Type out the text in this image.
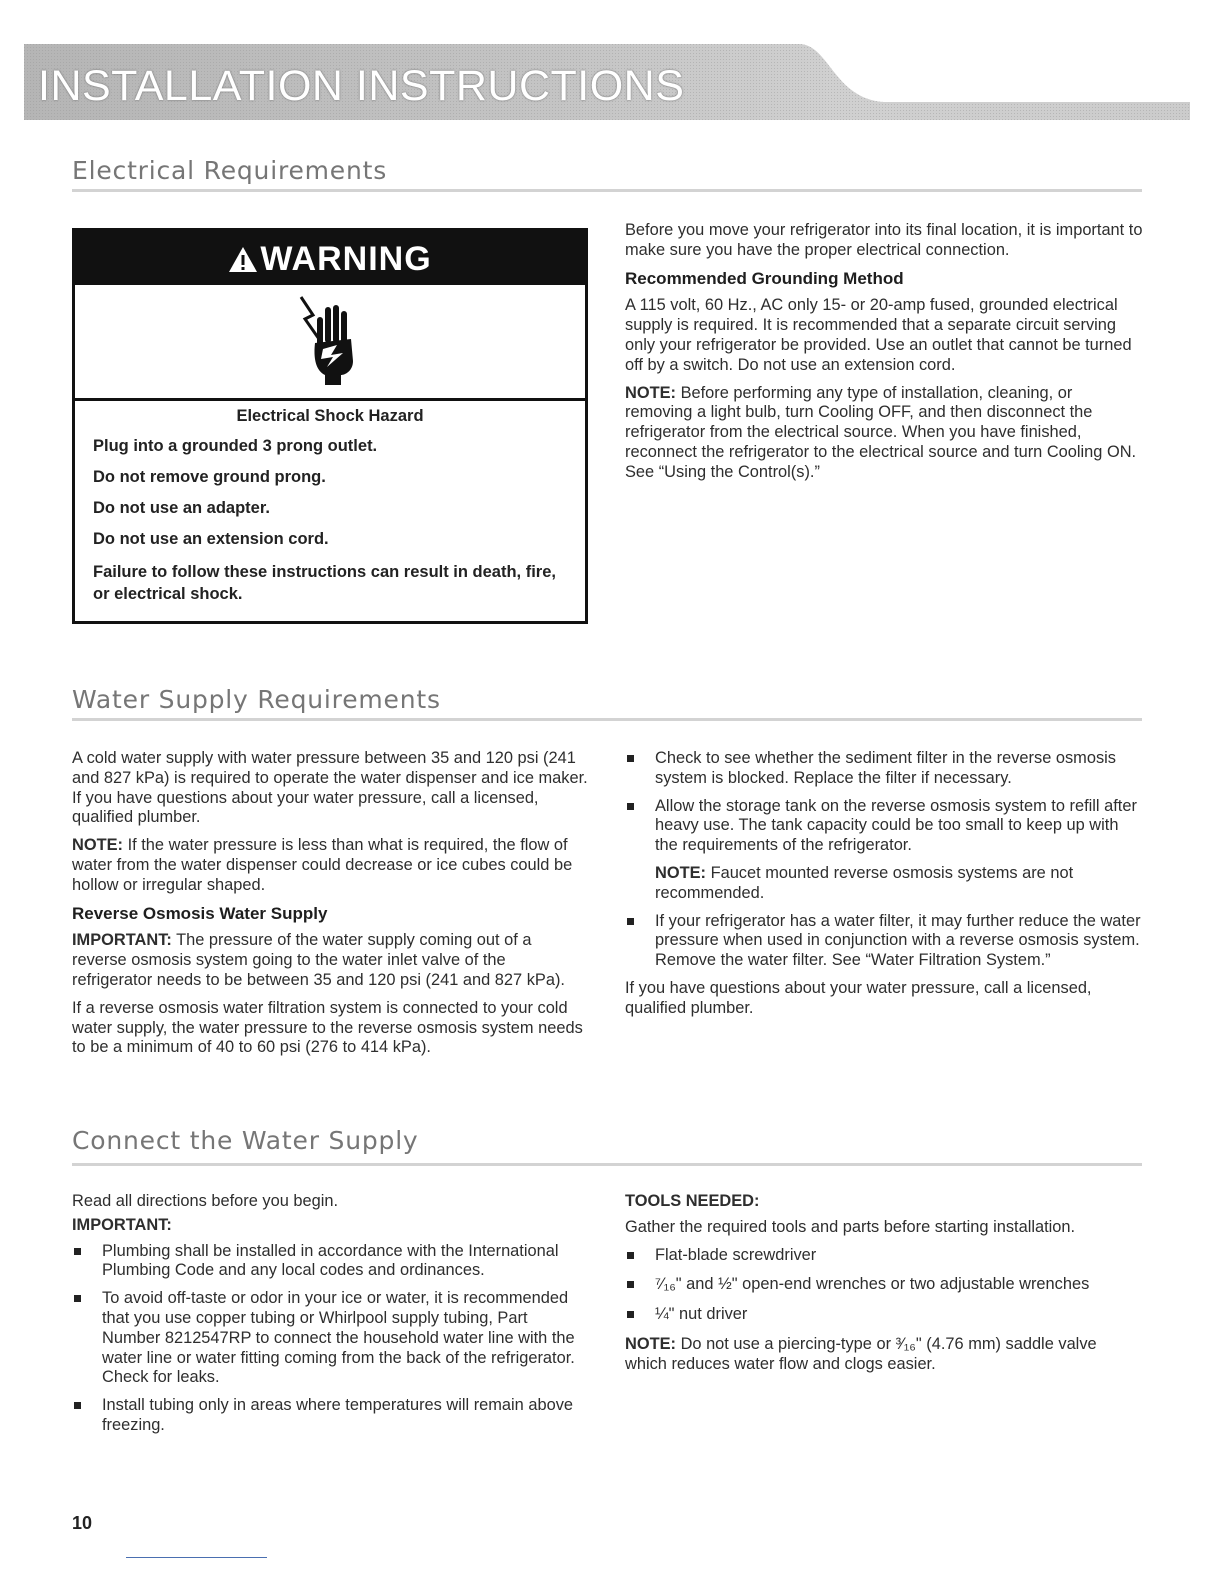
INSTALLATION INSTRUCTIONS
Electrical Requirements
WARNING

Electrical Shock Hazard

Plug into a grounded 3 prong outlet.

Do not remove ground prong.

Do not use an adapter.

Do not use an extension cord.

Failure to follow these instructions can result in death, fire, or electrical shock.

Before you move your refrigerator into its final location, it is important to make sure you have the proper electrical connection.

Recommended Grounding Method

A 115 volt, 60 Hz., AC only 15- or 20-amp fused, grounded electrical supply is required. It is recommended that a separate circuit serving only your refrigerator be provided. Use an outlet that cannot be turned off by a switch. Do not use an extension cord.

NOTE: Before performing any type of installation, cleaning, or removing a light bulb, turn Cooling OFF, and then disconnect the refrigerator from the electrical source. When you have finished, reconnect the refrigerator to the electrical source and turn Cooling ON. See “Using the Control(s).”

Water Supply Requirements

A cold water supply with water pressure between 35 and 120 psi (241 and 827 kPa) is required to operate the water dispenser and ice maker. If you have questions about your water pressure, call a licensed, qualified plumber.

NOTE: If the water pressure is less than what is required, the flow of water from the water dispenser could decrease or ice cubes could be hollow or irregular shaped.

Reverse Osmosis Water Supply

IMPORTANT: The pressure of the water supply coming out of a reverse osmosis system going to the water inlet valve of the refrigerator needs to be between 35 and 120 psi (241 and 827 kPa).

If a reverse osmosis water filtration system is connected to your cold water supply, the water pressure to the reverse osmosis system needs to be a minimum of 40 to 60 psi (276 to 414 kPa).

Check to see whether the sediment filter in the reverse osmosis system is blocked. Replace the filter if necessary.
Allow the storage tank on the reverse osmosis system to refill after heavy use. The tank capacity could be too small to keep up with the requirements of the refrigerator.

NOTE: Faucet mounted reverse osmosis systems are not recommended.

If your refrigerator has a water filter, it may further reduce the water pressure when used in conjunction with a reverse osmosis system. Remove the water filter. See “Water Filtration System.”

If you have questions about your water pressure, call a licensed, qualified plumber.

Connect the Water Supply

Read all directions before you begin.

IMPORTANT:

Plumbing shall be installed in accordance with the International Plumbing Code and any local codes and ordinances.
To avoid off-taste or odor in your ice or water, it is recommended that you use copper tubing or Whirlpool supply tubing, Part Number 8212547RP to connect the household water line with the water line or water fitting coming from the back of the refrigerator. Check for leaks.
Install tubing only in areas where temperatures will remain above freezing.

TOOLS NEEDED:

Gather the required tools and parts before starting installation.

Flat-blade screwdriver
⁷⁄₁₆" and ½" open-end wrenches or two adjustable wrenches
¼" nut driver

NOTE: Do not use a piercing-type or ³⁄₁₆" (4.76 mm) saddle valve which reduces water flow and clogs easier.

10
